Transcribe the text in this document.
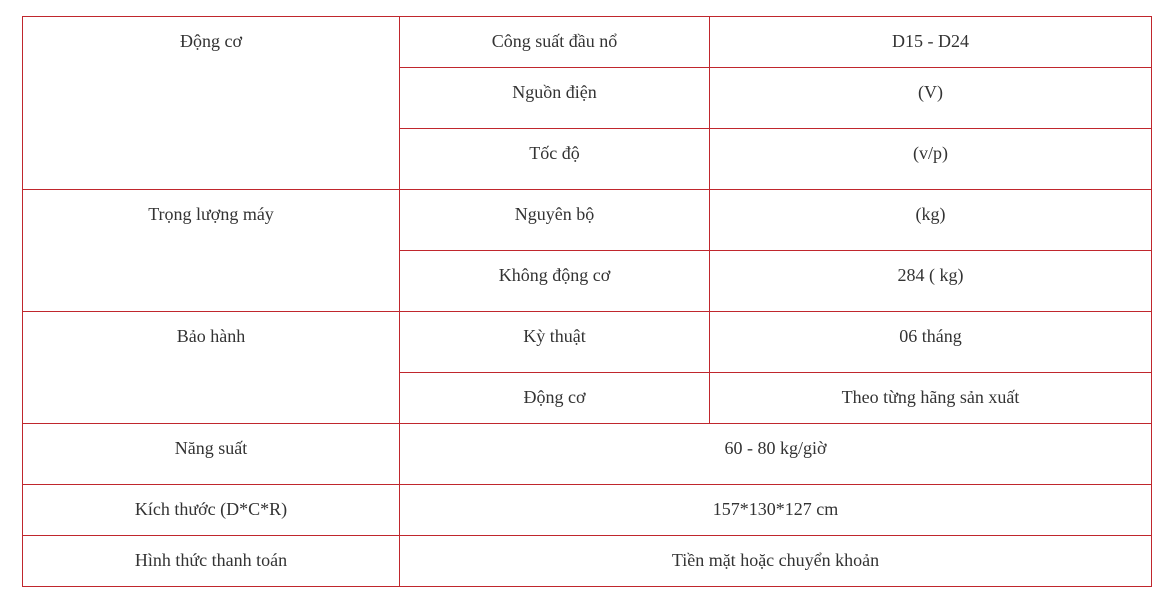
Động cơ	Công suất đầu nổ	D15 - D24
	Nguồn điện	(V)
	Tốc độ	(v/p)
Trọng lượng máy	Nguyên bộ	(kg)
	Không động cơ	284 ( kg)
Bảo hành	Kỳ thuật	06 tháng
	Động cơ	Theo từng hãng sản xuất
Năng suất	60 - 80 kg/giờ	
Kích thước (D*C*R)	157*130*127 cm	
Hình thức thanh toán	Tiền mặt hoặc chuyển khoản	
